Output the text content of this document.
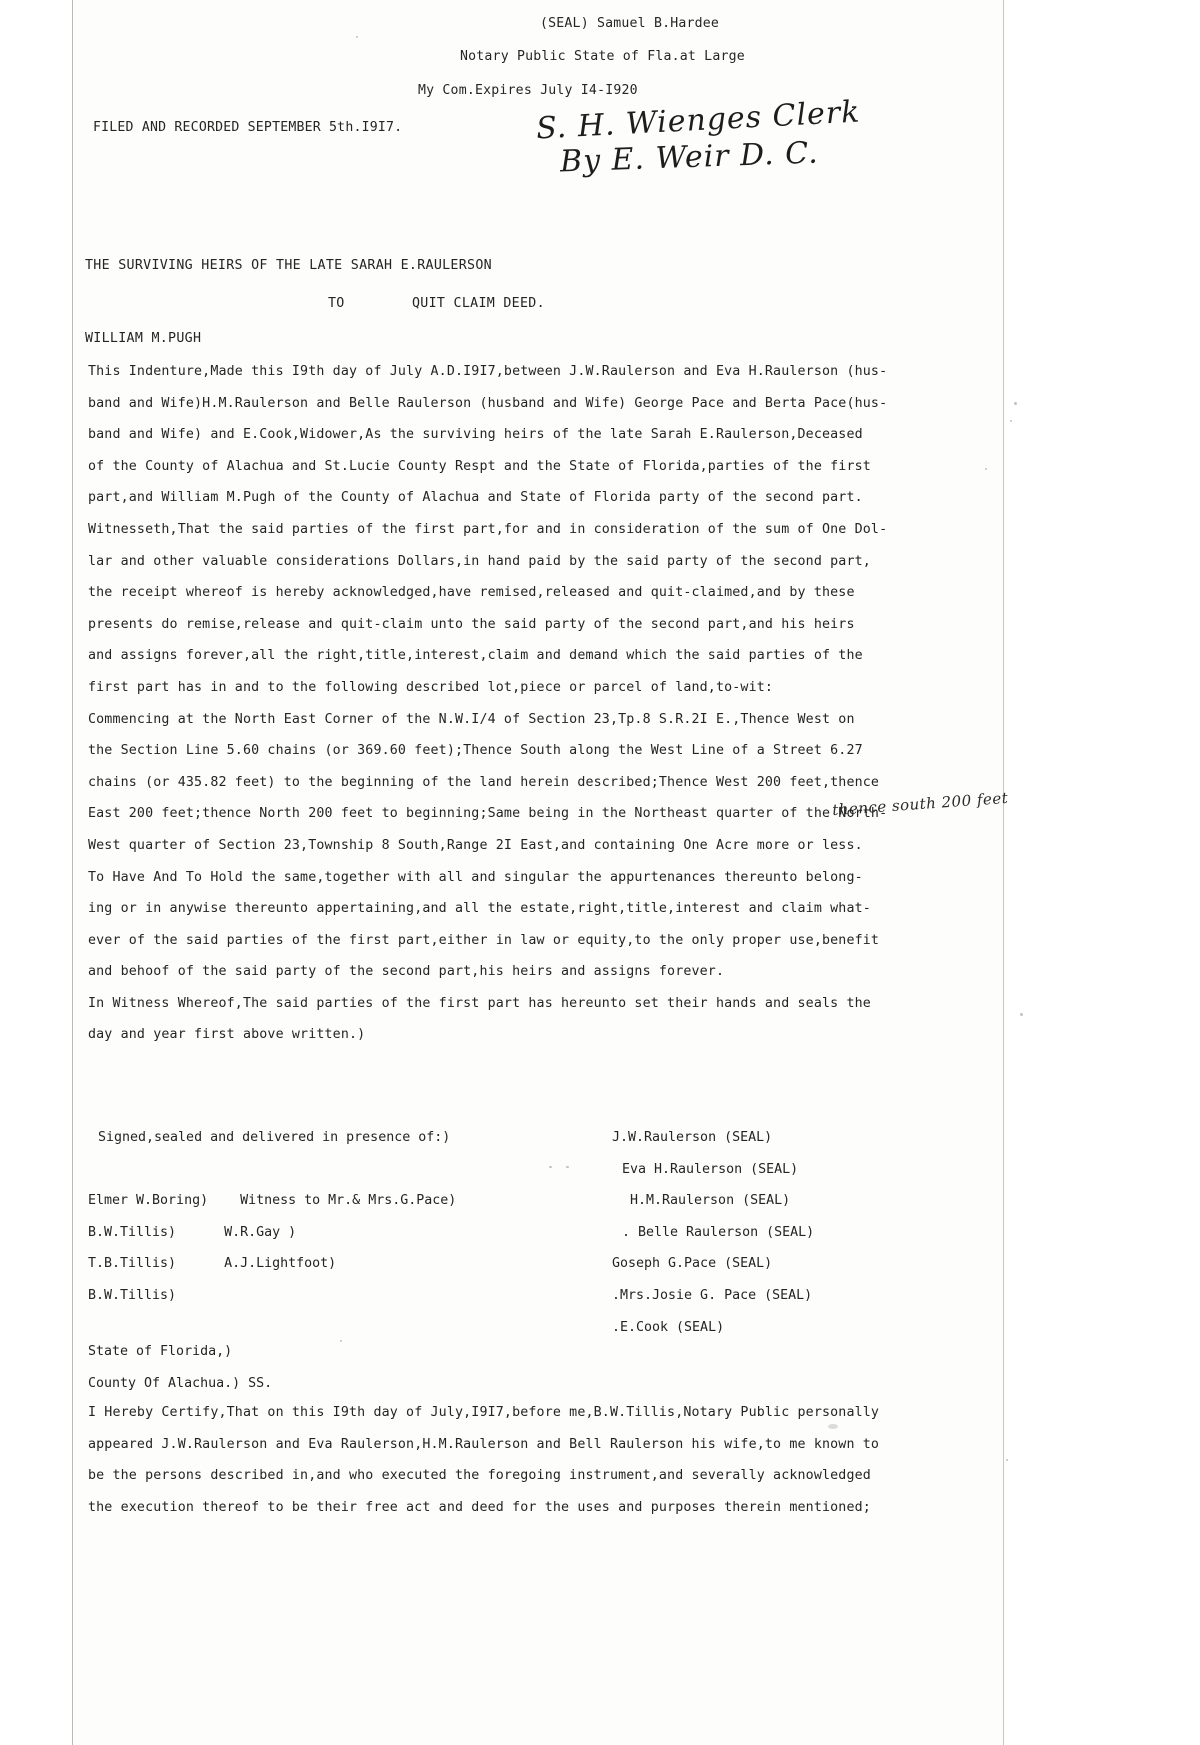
(SEAL) Samuel B.Hardee
Notary Public State of Fla.at Large
My Com.Expires July I4-I920
FILED AND RECORDED SEPTEMBER 5th.I9I7.	S. H. Wienges Clerk
By E. Weir D. C.
THE SURVIVING HEIRS OF THE LATE SARAH E.RAULERSON
TO	QUIT CLAIM DEED.
WILLIAM M.PUGH
This Indenture,Made this I9th day of July A.D.I9I7,between J.W.Raulerson and Eva H.Raulerson (hus-
band and Wife)H.M.Raulerson and Belle Raulerson (husband and Wife) George Pace and Berta Pace(hus-
band and Wife) and E.Cook,Widower,As the surviving heirs of the late Sarah E.Raulerson,Deceased
of the County of Alachua and St.Lucie County Respt and the State of Florida,parties of the first
part,and William M.Pugh of the County of Alachua and State of Florida party of the second part.
Witnesseth,That the said parties of the first part,for and in consideration of the sum of One Dol-
lar and other valuable considerations Dollars,in hand paid by the said party of the second part,
the receipt whereof is hereby acknowledged,have remised,released and quit-claimed,and by these
presents do remise,release and quit-claim unto the said party of the second part,and his heirs
and assigns forever,all the right,title,interest,claim and demand which the said parties of the
first part has in and to the following described lot,piece or parcel of land,to-wit:
Commencing at the North East Corner of the N.W.I/4 of Section 23,Tp.8 S.R.2I E.,Thence West on
the Section Line 5.60 chains (or 369.60 feet);Thence South along the West Line of a Street 6.27
chains (or 435.82 feet) to the beginning of the land herein described;Thence West 200 feet,thence
East 200 feet;thence North 200 feet to beginning;Same being in the Northeast quarter of the North-
West quarter of Section 23,Township 8 South,Range 2I East,and containing One Acre more or less.
To Have And To Hold the same,together with all and singular the appurtenances thereunto belong-
ing or in anywise thereunto appertaining,and all the estate,right,title,interest and claim what-
ever of the said parties of the first part,either in law or equity,to the only proper use,benefit
and behoof of the said party of the second part,his heirs and assigns forever.
In Witness Whereof,The said parties of the first part has hereunto set their hands and seals the
day and year first above written.)
thence south 200 feet
Signed,sealed and delivered in presence of:)
Elmer W.Boring)    Witness to Mr.& Mrs.G.Pace)
B.W.Tillis)      W.R.Gay )
T.B.Tillis)      A.J.Lightfoot)
B.W.Tillis)
J.W.Raulerson (SEAL)
Eva H.Raulerson (SEAL)
H.M.Raulerson (SEAL)
. Belle Raulerson (SEAL)
Goseph G.Pace (SEAL)
.Mrs.Josie G. Pace (SEAL)
.E.Cook (SEAL)
State of Florida,)
County Of Alachua.) SS.
I Hereby Certify,That on this I9th day of July,I9I7,before me,B.W.Tillis,Notary Public personally
appeared J.W.Raulerson and Eva Raulerson,H.M.Raulerson and Bell Raulerson his wife,to me known to
be the persons described in,and who executed the foregoing instrument,and severally acknowledged
the execution thereof to be their free act and deed for the uses and purposes therein mentioned;
